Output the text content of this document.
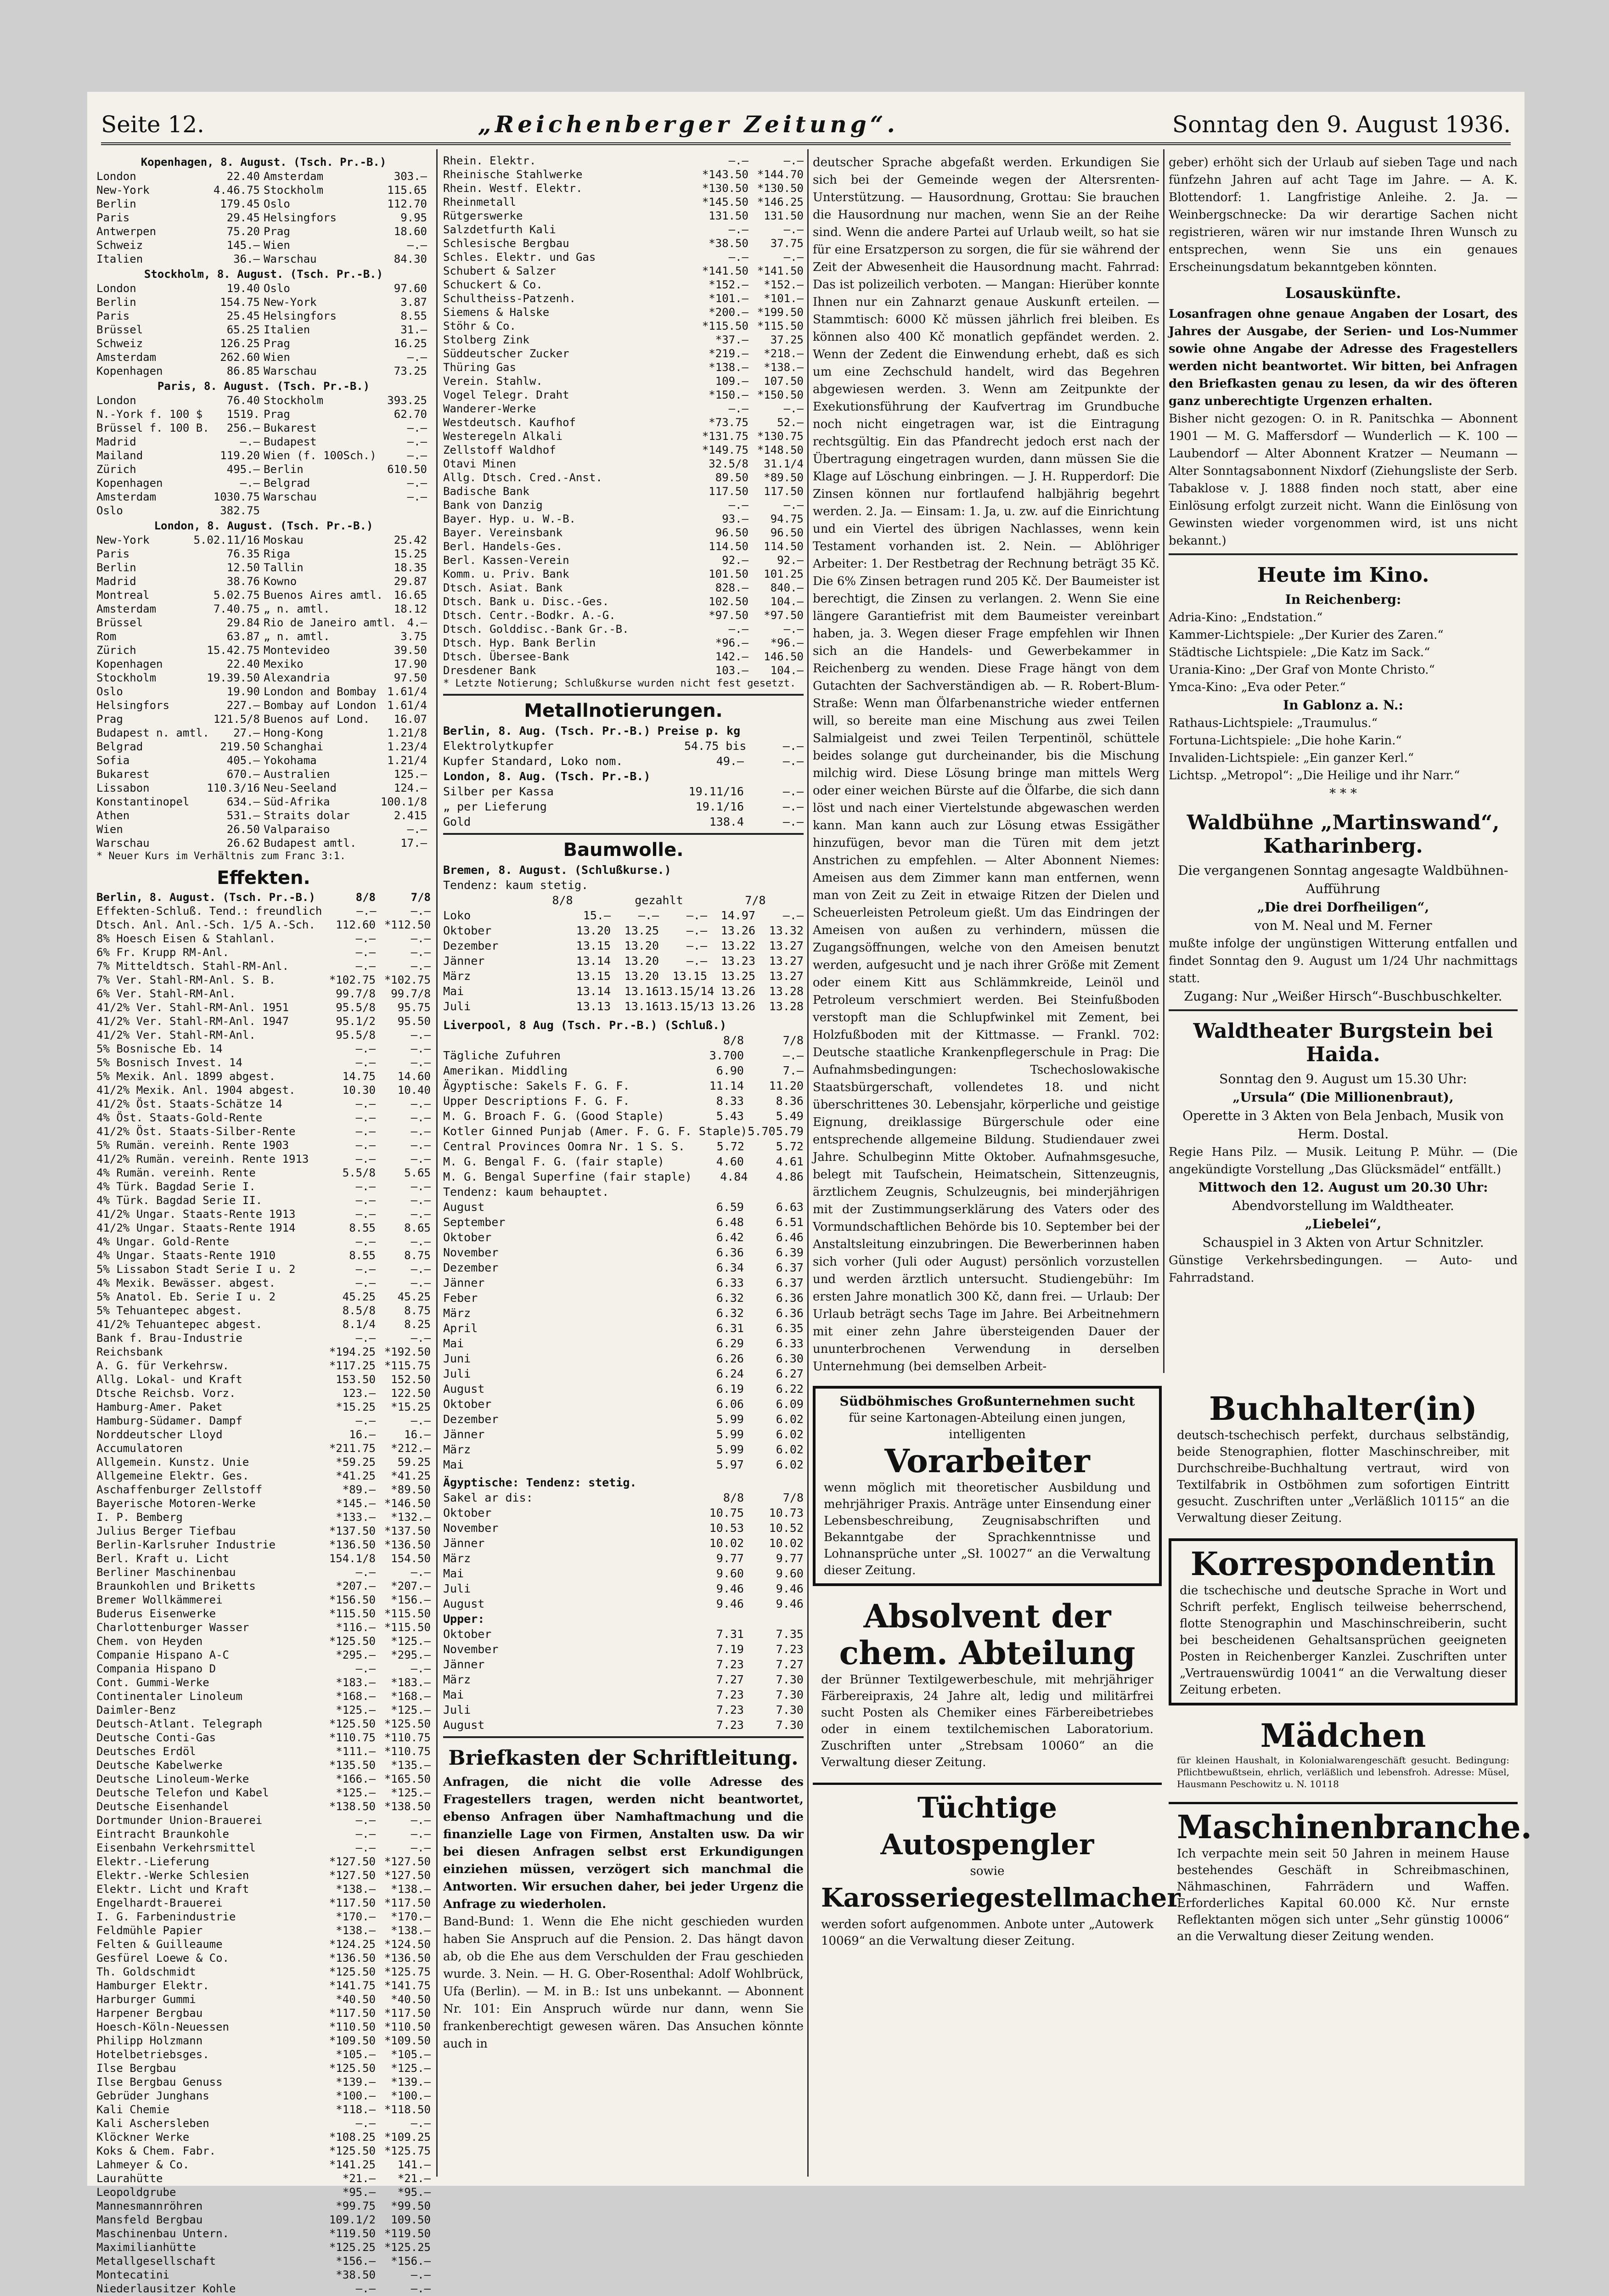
Seite 12.	„Reichenberger Zeitung“.	Sonntag den 9. August 1936.
Kopenhagen, 8. August. (Tsch. Pr.-B.)
London	22.40 Amsterdam	303.—
New-York	4.46.75 Stockholm	115.65
Berlin	179.45 Oslo	112.70
Paris	29.45 Helsingfors	9.95
Antwerpen	75.20 Prag	18.60
Schweiz	145.— Wien	—.—
Italien	36.— Warschau	84.30
Stockholm, 8. August. (Tsch. Pr.-B.)
London	19.40 Oslo	97.60
Berlin	154.75 New-York	3.87
Paris	25.45 Helsingfors	8.55
Brüssel	65.25 Italien	31.—
Schweiz	126.25 Prag	16.25
Amsterdam	262.60 Wien	—.—
Kopenhagen	86.85 Warschau	73.25
Paris, 8. August. (Tsch. Pr.-B.)
London	76.40 Stockholm	393.25
N.-York f. 100 $	1519. Prag	62.70
Brüssel f. 100 B.	256.— Bukarest	—.—
Madrid	—.— Budapest	—.—
Mailand	119.20 Wien (f. 100Sch.)	—.—
Zürich	495.— Berlin	610.50
Kopenhagen	—.— Belgrad	—.—
Amsterdam	1030.75 Warschau	—.—
Oslo	382.75
London, 8. August. (Tsch. Pr.-B.)
New-York	5.02.11/16 Moskau	25.42
Paris	76.35 Riga	15.25
Berlin	12.50 Tallin	18.35
Madrid	38.76 Kowno	29.87
Montreal	5.02.75 Buenos Aires amtl. 16.65
Amsterdam	7.40.75 „ n. amtl.	18.12
Brüssel	29.84 Rio de Janeiro amtl. 4.—
Rom	63.87 „ n. amtl.	3.75
Zürich	15.42.75 Montevideo	39.50
Kopenhagen	22.40 Mexiko	17.90
Stockholm	19.39.50 Alexandria	97.50
Oslo	19.90 London and Bombay 1.61/4
Helsingfors	227.— Bombay auf London 1.61/4
Prag	121.5/8 Buenos auf Lond.	16.07
Budapest n. amtl.	27.— Hong-Kong	1.21/8
Belgrad	219.50 Schanghai	1.23/4
Sofia	405.— Yokohama	1.21/4
Bukarest	670.— Australien	125.—
Lissabon	110.3/16 Neu-Seeland	124.—
Konstantinopel	634.— Süd-Afrika	100.1/8
Athen	531.— Straits dolar	2.415
Wien	26.50 Valparaiso	—.—
Warschau	26.62 Budapest amtl.	17.—
* Neuer Kurs im Verhältnis zum Franc 3:1.
Effekten.
Berlin, 8. August. (Tsch. Pr.-B.)	8/8	7/8
Effekten-Schluß. Tend.: freundlich	—.—	—.—
Dtsch. Anl. Anl.-Sch. 1/5 A.-Sch.	112.60 *112.50
8% Hoesch Eisen & Stahlanl.	—.—	—.—
6% Fr. Krupp RM-Anl.	—.—	—.—
7% Mitteldtsch. Stahl-RM-Anl.	—.—	—.—
7% Ver. Stahl-RM-Anl. S. B.	*102.75 *102.75
6% Ver. Stahl-RM-Anl.	99.7/8	99.7/8
41/2% Ver. Stahl-RM-Anl. 1951	95.5/8	95.75
41/2% Ver. Stahl-RM-Anl. 1947	95.1/2	95.50
41/2% Ver. Stahl-RM-Anl.	95.5/8	—.—
5% Bosnische Eb. 14	—.—	—.—
5% Bosnisch Invest. 14	—.—	—.—
5% Mexik. Anl. 1899 abgest.	14.75	14.60
41/2% Mexik. Anl. 1904 abgest.	10.30	10.40
41/2% Öst. Staats-Schätze 14	—.—	—.—
4% Öst. Staats-Gold-Rente	—.—	—.—
41/2% Öst. Staats-Silber-Rente	—.—	—.—
5% Rumän. vereinh. Rente 1903	—.—	—.—
41/2% Rumän. vereinh. Rente 1913	—.—	—.—
4% Rumän. vereinh. Rente	5.5/8	5.65
4% Türk. Bagdad Serie I.	—.—	—.—
4% Türk. Bagdad Serie II.	—.—	—.—
41/2% Ungar. Staats-Rente 1913	—.—	—.—
41/2% Ungar. Staats-Rente 1914	8.55	8.65
4% Ungar. Gold-Rente	—.—	—.—
4% Ungar. Staats-Rente 1910	8.55	8.75
5% Lissabon Stadt Serie I u. 2	—.—	—.—
4% Mexik. Bewässer. abgest.	—.—	—.—
5% Anatol. Eb. Serie I u. 2	45.25	45.25
5% Tehuantepec abgest.	8.5/8	8.75
41/2% Tehuantepec abgest.	8.1/4	8.25
Bank f. Brau-Industrie	—.—	—.—
Reichsbank	*194.25 *192.50
A. G. für Verkehrsw.	*117.25 *115.75
Allg. Lokal- und Kraft	153.50	152.50
Dtsche Reichsb. Vorz.	123.—	122.50
Hamburg-Amer. Paket	*15.25	*15.25
Hamburg-Südamer. Dampf	—.—	—.—
Norddeutscher Lloyd	16.—	16.—
Accumulatoren	*211.75	*212.—
Allgemein. Kunstz. Unie	*59.25	59.25
Allgemeine Elektr. Ges.	*41.25	*41.25
Aschaffenburger Zellstoff	*89.—	*89.50
Bayerische Motoren-Werke	*145.— *146.50
I. P. Bemberg	*133.—	*132.—
Julius Berger Tiefbau	*137.50 *137.50
Berlin-Karlsruher Industrie	*136.50 *136.50
Berl. Kraft u. Licht	154.1/8	154.50
Berliner Maschinenbau	—.—	—.—
Braunkohlen und Briketts	*207.—	*207.—
Bremer Wollkämmerei	*156.50	*156.—
Buderus Eisenwerke	*115.50 *115.50
Charlottenburger Wasser	*116.— *115.50
Chem. von Heyden	*125.50	*125.—
Companie Hispano A-C	*295.—	*295.—
Compania Hispano D	—.—	—.—
Cont. Gummi-Werke	*183.—	*183.—
Continentaler Linoleum	*168.—	*168.—
Daimler-Benz	*125.—	*125.—
Deutsch-Atlant. Telegraph	*125.50 *125.50
Deutsche Conti-Gas	*110.75 *110.75
Deutsches Erdöl	*111.— *110.75
Deutsche Kabelwerke	*135.50	*135.—
Deutsche Linoleum-Werke	*166.— *165.50
Deutsche Telefon und Kabel	*125.—	*125.—
Deutsche Eisenhandel	*138.50 *138.50
Dortmunder Union-Brauerei	—.—	—.—
Eintracht Braunkohle	—.—	—.—
Eisenbahn Verkehrsmittel	—.—	—.—
Elektr.-Lieferung	*127.50 *127.50
Elektr.-Werke Schlesien	*127.50 *127.50
Elektr. Licht und Kraft	*138.—	*138.—
Engelhardt-Brauerei	*117.50 *117.50
I. G. Farbenindustrie	*170.—	*170.—
Feldmühle Papier	*138.—	*138.—
Felten & Guilleaume	*124.25 *124.50
Gesfürel Loewe & Co.	*136.50 *136.50
Th. Goldschmidt	*125.50 *125.75
Hamburger Elektr.	*141.75 *141.75
Harburger Gummi	*40.50	*40.50
Harpener Bergbau	*117.50 *117.50
Hoesch-Köln-Neuessen	*110.50 *110.50
Philipp Holzmann	*109.50 *109.50
Hotelbetriebsges.	*105.—	*105.—
Ilse Bergbau	*125.50	*125.—
Ilse Bergbau Genuss	*139.—	*139.—
Gebrüder Junghans	*100.—	*100.—
Kali Chemie	*118.— *118.50
Kali Aschersleben	—.—	—.—
Klöckner Werke	*108.25 *109.25
Koks & Chem. Fabr.	*125.50 *125.75
Lahmeyer & Co.	*141.25	141.—
Laurahütte	*21.—	*21.—
Leopoldgrube	*95.—	*95.—
Mannesmannröhren	*99.75	*99.50
Mansfeld Bergbau	109.1/2	109.50
Maschinenbau Untern.	*119.50 *119.50
Maximilianhütte	*125.25 *125.25
Metallgesellschaft	*156.—	*156.—
Montecatini	*38.50	—.—
Niederlausitzer Kohle	—.—	—.—
Rhein. Elektr.	—.—	—.—
Rheinische Stahlwerke	*143.50 *144.70
Rhein. Westf. Elektr.	*130.50 *130.50
Rheinmetall	*145.50 *146.25
Rütgerswerke	131.50	131.50
Salzdetfurth Kali	—.—	—.—
Schlesische Bergbau	*38.50	37.75
Schles. Elektr. und Gas	—.—	—.—
Schubert & Salzer	*141.50 *141.50
Schuckert & Co.	*152.—	*152.—
Schultheiss-Patzenh.	*101.—	*101.—
Siemens & Halske	*200.— *199.50
Stöhr & Co.	*115.50 *115.50
Stolberg Zink	*37.—	37.25
Süddeutscher Zucker	*219.—	*218.—
Thüring Gas	*138.—	*138.—
Verein. Stahlw.	109.—	107.50
Vogel Telegr. Draht	*150.— *150.50
Wanderer-Werke	—.—	—.—
Westdeutsch. Kaufhof	*73.75	52.—
Westeregeln Alkali	*131.75 *130.75
Zellstoff Waldhof	*149.75 *148.50
Otavi Minen	32.5/8	31.1/4
Allg. Dtsch. Cred.-Anst.	89.50	*89.50
Badische Bank	117.50	117.50
Bank von Danzig	—.—	—.—
Bayer. Hyp. u. W.-B.	93.—	94.75
Bayer. Vereinsbank	96.50	96.50
Berl. Handels-Ges.	114.50	114.50
Berl. Kassen-Verein	92.—	92.—
Komm. u. Priv. Bank	101.50	101.25
Dtsch. Asiat. Bank	828.—	840.—
Dtsch. Bank u. Disc.-Ges.	102.50	104.—
Dtsch. Centr.-Bodkr. A.-G.	*97.50	*97.50
Dtsch. Golddisc.-Bank Gr.-B.	—.—	—.—
Dtsch. Hyp. Bank Berlin	*96.—	*96.—
Dtsch. Übersee-Bank	142.—	146.50
Dresdener Bank	103.—	104.—
* Letzte Notierung; Schlußkurse wurden nicht fest gesetzt.
Metallnotierungen.
Berlin, 8. Aug. (Tsch. Pr.-B.) Preise p. kg
Elektrolytkupfer	54.75 bis	—.—
Kupfer Standard, Loko nom.	49.—	—.—
London, 8. Aug. (Tsch. Pr.-B.)
Silber per Kassa	19.11/16	—.—
„ per Lieferung	19.1/16	—.—
Gold	138.4	—.—
Baumwolle.
Bremen, 8. August. (Schlußkurse.)
Tendenz: kaum stetig.
8/8	gezahlt	7/8
Loko	15.—	—.—	—.—	14.97	—.—
Oktober	13.20	13.25	—.—	13.26	13.32
Dezember	13.15	13.20	—.—	13.22	13.27
Jänner	13.14	13.20	—.—	13.23	13.27
März	13.15	13.20	13.15	13.25	13.27
Mai	13.14	13.16 13.15/14 13.26	13.28
Juli	13.13	13.16 13.15/13 13.26	13.28
Liverpool, 8 Aug (Tsch. Pr.-B.) (Schluß.)
8/8	7/8
Tägliche Zufuhren	3.700	—.—
Amerikan. Middling	6.90	7.—
Ägyptische: Sakels F. G. F.	11.14	11.20
Upper Descriptions F. G. F.	8.33	8.36
M. G. Broach F. G. (Good Staple)	5.43	5.49
Kotler Ginned Punjab (Amer. F. G. F. Staple) 5.70 5.79
Central Provinces Oomra Nr. 1 S. S.	5.72	5.72
M. G. Bengal F. G. (fair staple)	4.60	4.61
M. G. Bengal Superfine (fair staple)	4.84	4.86
Tendenz: kaum behauptet.
August	6.59	6.63
September	6.48	6.51
Oktober	6.42	6.46
November	6.36	6.39
Dezember	6.34	6.37
Jänner	6.33	6.37
Feber	6.32	6.36
März	6.32	6.36
April	6.31	6.35
Mai	6.29	6.33
Juni	6.26	6.30
Juli	6.24	6.27
August	6.19	6.22
Oktober	6.06	6.09
Dezember	5.99	6.02
Jänner	5.99	6.02
März	5.99	6.02
Mai	5.97	6.02
Ägyptische: Tendenz: stetig.
Sakel ar dis:	8/8	7/8
Oktober	10.75	10.73
November	10.53	10.52
Jänner	10.02	10.02
März	9.77	9.77
Mai	9.60	9.60
Juli	9.46	9.46
August	9.46	9.46
Upper:
Oktober	7.31	7.35
November	7.19	7.23
Jänner	7.23	7.27
März	7.27	7.30
Mai	7.23	7.30
Juli	7.23	7.30
August	7.23	7.30
Briefkasten der Schriftleitung.
Anfragen, die nicht die volle Adresse des Fragestellers tragen, werden nicht beantwortet, ebenso Anfragen über Namhaftmachung und die finanzielle Lage von Firmen, Anstalten usw. Da wir bei diesen Anfragen selbst erst Erkundigungen einziehen müssen, verzögert sich manchmal die Antworten. Wir ersuchen daher, bei jeder Urgenz die Anfrage zu wiederholen.
Band-Bund: 1. Wenn die Ehe nicht geschieden wurden haben Sie Anspruch auf die Pension. 2. Das hängt davon ab, ob die Ehe aus dem Verschulden der Frau geschieden wurde. 3. Nein. — H. G. Ober-Rosenthal: Adolf Wohlbrück, Ufa (Berlin). — M. in B.: Ist uns unbekannt. — Abonnent Nr. 101: Ein Anspruch würde nur dann, wenn Sie frankenberechtigt gewesen wären. Das Ansuchen könnte auch in
deutscher Sprache abgefaßt werden. Erkundigen Sie sich bei der Gemeinde wegen der Altersrenten-Unterstützung. — Hausordnung, Grottau: Sie brauchen die Hausordnung nur machen, wenn Sie an der Reihe sind. Wenn die andere Partei auf Urlaub weilt, so hat sie für eine Ersatzperson zu sorgen, die für sie während der Zeit der Abwesenheit die Hausordnung macht. Fahrrad: Das ist polizeilich verboten. — Mangan: Hierüber konnte Ihnen nur ein Zahnarzt genaue Auskunft erteilen. — Stammtisch: 6000 Kč müssen jährlich frei bleiben. Es können also 400 Kč monatlich gepfändet werden. 2. Wenn der Zedent die Einwendung erhebt, daß es sich um eine Zechschuld handelt, wird das Begehren abgewiesen werden. 3. Wenn am Zeitpunkte der Exekutionsführung der Kaufvertrag im Grundbuche noch nicht eingetragen war, ist die Eintragung rechtsgültig. Ein das Pfandrecht jedoch erst nach der Übertragung eingetragen wurden, dann müssen Sie die Klage auf Löschung einbringen. — J. H. Rupperdorf: Die Zinsen können nur fortlaufend halbjährig begehrt werden. 2. Ja. — Einsam: 1. Ja, u. zw. auf die Einrichtung und ein Viertel des übrigen Nachlasses, wenn kein Testament vorhanden ist. 2. Nein. — Ablöhriger Arbeiter: 1. Der Restbetrag der Rechnung beträgt 35 Kč. Die 6% Zinsen betragen rund 205 Kč. Der Baumeister ist berechtigt, die Zinsen zu verlangen. 2. Wenn Sie eine längere Garantiefrist mit dem Baumeister vereinbart haben, ja. 3. Wegen dieser Frage empfehlen wir Ihnen sich an die Handels- und Gewerbekammer in Reichenberg zu wenden. Diese Frage hängt von dem Gutachten der Sachverständigen ab. — R. Robert-Blum-Straße: Wenn man Ölfarbenanstriche wieder entfernen will, so bereite man eine Mischung aus zwei Teilen Salmialgeist und zwei Teilen Terpentinöl, schüttele beides solange gut durcheinander, bis die Mischung milchig wird. Diese Lösung bringe man mittels Werg oder einer weichen Bürste auf die Ölfarbe, die sich dann löst und nach einer Viertelstunde abgewaschen werden kann. Man kann auch zur Lösung etwas Essigäther hinzufügen, bevor man die Türen mit dem jetzt Anstrichen zu empfehlen. — Alter Abonnent Niemes: Ameisen aus dem Zimmer kann man entfernen, wenn man von Zeit zu Zeit in etwaige Ritzen der Dielen und Scheuerleisten Petroleum gießt. Um das Eindringen der Ameisen von außen zu verhindern, müssen die Zugangsöffnungen, welche von den Ameisen benutzt werden, aufgesucht und je nach ihrer Größe mit Zement oder einem Kitt aus Schlämmkreide, Leinöl und Petroleum verschmiert werden. Bei Steinfußboden verstopft man die Schlupfwinkel mit Zement, bei Holzfußboden mit der Kittmasse. — Frankl. 702: Deutsche staatliche Krankenpflegerschule in Prag: Die Aufnahmsbedingungen: Tschechoslowakische Staatsbürgerschaft, vollendetes 18. und nicht überschrittenes 30. Lebensjahr, körperliche und geistige Eignung, dreiklassige Bürgerschule oder eine entsprechende allgemeine Bildung. Studiendauer zwei Jahre. Schulbeginn Mitte Oktober. Aufnahmsgesuche, belegt mit Taufschein, Heimatschein, Sittenzeugnis, ärztlichem Zeugnis, Schulzeugnis, bei minderjährigen mit der Zustimmungserklärung des Vaters oder des Vormundschaftlichen Behörde bis 10. September bei der Anstaltsleitung einzubringen. Die Bewerberinnen haben sich vorher (Juli oder August) persönlich vorzustellen und werden ärztlich untersucht. Studiengebühr: Im ersten Jahre monatlich 300 Kč, dann frei. — Urlaub: Der Urlaub beträgt sechs Tage im Jahre. Bei Arbeitnehmern mit einer zehn Jahre übersteigenden Dauer der ununterbrochenen Verwendung in derselben Unternehmung (bei demselben Arbeit-
geber) erhöht sich der Urlaub auf sieben Tage und nach fünfzehn Jahren auf acht Tage im Jahre. — A. K. Blottendorf: 1. Langfristige Anleihe. 2. Ja. — Weinbergschnecke: Da wir derartige Sachen nicht registrieren, wären wir nur imstande Ihren Wunsch zu entsprechen, wenn Sie uns ein genaues Erscheinungsdatum bekanntgeben könnten.
Losauskünfte.
Losanfragen ohne genaue Angaben der Losart, des Jahres der Ausgabe, der Serien- und Los-Nummer sowie ohne Angabe der Adresse des Fragestellers werden nicht beantwortet. Wir bitten, bei Anfragen den Briefkasten genau zu lesen, da wir des öfteren ganz unberechtigte Urgenzen erhalten.
Bisher nicht gezogen: O. in R. Panitschka — Abonnent 1901 — M. G. Maffersdorf — Wunderlich — K. 100 — Laubendorf — Alter Abonnent Kratzer — Neumann — Alter Sonntagsabonnent Nixdorf (Ziehungsliste der Serb. Tabaklose v. J. 1888 finden noch statt, aber eine Einlösung erfolgt zurzeit nicht. Wann die Einlösung von Gewinsten wieder vorgenommen wird, ist uns nicht bekannt.)
Heute im Kino.
In Reichenberg:
Adria-Kino: „Endstation.“
Kammer-Lichtspiele: „Der Kurier des Zaren.“
Städtische Lichtspiele: „Die Katz im Sack.“
Urania-Kino: „Der Graf von Monte Christo.“
Ymca-Kino: „Eva oder Peter.“
In Gablonz a. N.:
Rathaus-Lichtspiele: „Traumulus.“
Fortuna-Lichtspiele: „Die hohe Karin.“
Invaliden-Lichtspiele: „Ein ganzer Kerl.“
Lichtsp. „Metropol“: „Die Heilige und ihr Narr.“
* * *
Waldbühne „Martinswand“, Katharinberg.
Die vergangenen Sonntag angesagte Waldbühnen-Aufführung
„Die drei Dorfheiligen“,
von M. Neal und M. Ferner
mußte infolge der ungünstigen Witterung entfallen und findet Sonntag den 9. August um 1/24 Uhr nachmittags statt.
Zugang: Nur „Weißer Hirsch“-Buschbuschkelter.
Waldtheater Burgstein bei Haida.
Sonntag den 9. August um 15.30 Uhr:
„Ursula“ (Die Millionenbraut),
Operette in 3 Akten von Bela Jenbach, Musik von Herm. Dostal.
Regie Hans Pilz. — Musik. Leitung P. Mühr. — (Die angekündigte Vorstellung „Das Glücksmädel“ entfällt.)
Mittwoch den 12. August um 20.30 Uhr:
Abendvorstellung im Waldtheater.
„Liebelei“,
Schauspiel in 3 Akten von Artur Schnitzler.
Günstige Verkehrsbedingungen. — Auto- und Fahrradstand.
Südböhmisches Großunternehmen sucht
für seine Kartonagen-Abteilung einen jungen, intelligenten
Vorarbeiter
wenn möglich mit theoretischer Ausbildung und mehrjähriger Praxis. Anträge unter Einsendung einer Lebensbeschreibung, Zeugnisabschriften und Bekanntgabe der Sprachkenntnisse und Lohnansprüche unter „Sł. 10027“ an die Verwaltung dieser Zeitung.
Absolvent der chem. Abteilung
der Brünner Textilgewerbeschule, mit mehrjähriger Färbereipraxis, 24 Jahre alt, ledig und militärfrei sucht Posten als Chemiker eines Färbereibetriebes oder in einem textilchemischen Laboratorium. Zuschriften unter „Strebsam 10060“ an die Verwaltung dieser Zeitung.
Tüchtige Autospengler
sowie
Karosseriegestellmacher
werden sofort aufgenommen. Anbote unter „Autowerk 10069“ an die Verwaltung dieser Zeitung.
Buchhalter(in)
deutsch-tschechisch perfekt, durchaus selbständig, beide Stenographien, flotter Maschinschreiber, mit Durchschreibe-Buchhaltung vertraut, wird von Textilfabrik in Ostböhmen zum sofortigen Eintritt gesucht. Zuschriften unter „Verläßlich 10115“ an die Verwaltung dieser Zeitung.
Korrespondentin
die tschechische und deutsche Sprache in Wort und Schrift perfekt, Englisch teilweise beherrschend, flotte Stenographin und Maschinschreiberin, sucht bei bescheidenen Gehaltsansprüchen geeigneten Posten in Reichenberger Kanzlei. Zuschriften unter „Vertrauenswürdig 10041“ an die Verwaltung dieser Zeitung erbeten.
Mädchen
für kleinen Haushalt, in Kolonialwarengeschäft gesucht. Bedingung: Pflichtbewußtsein, ehrlich, verläßlich und lebensfroh. Adresse: Müsel, Hausmann Peschowitz u. N. 10118
Maschinenbranche.
Ich verpachte mein seit 50 Jahren in meinem Hause bestehendes Geschäft in Schreibmaschinen, Nähmaschinen, Fahrrädern und Waffen. Erforderliches Kapital 60.000 Kč. Nur ernste Reflektanten mögen sich unter „Sehr günstig 10006“ an die Verwaltung dieser Zeitung wenden.
